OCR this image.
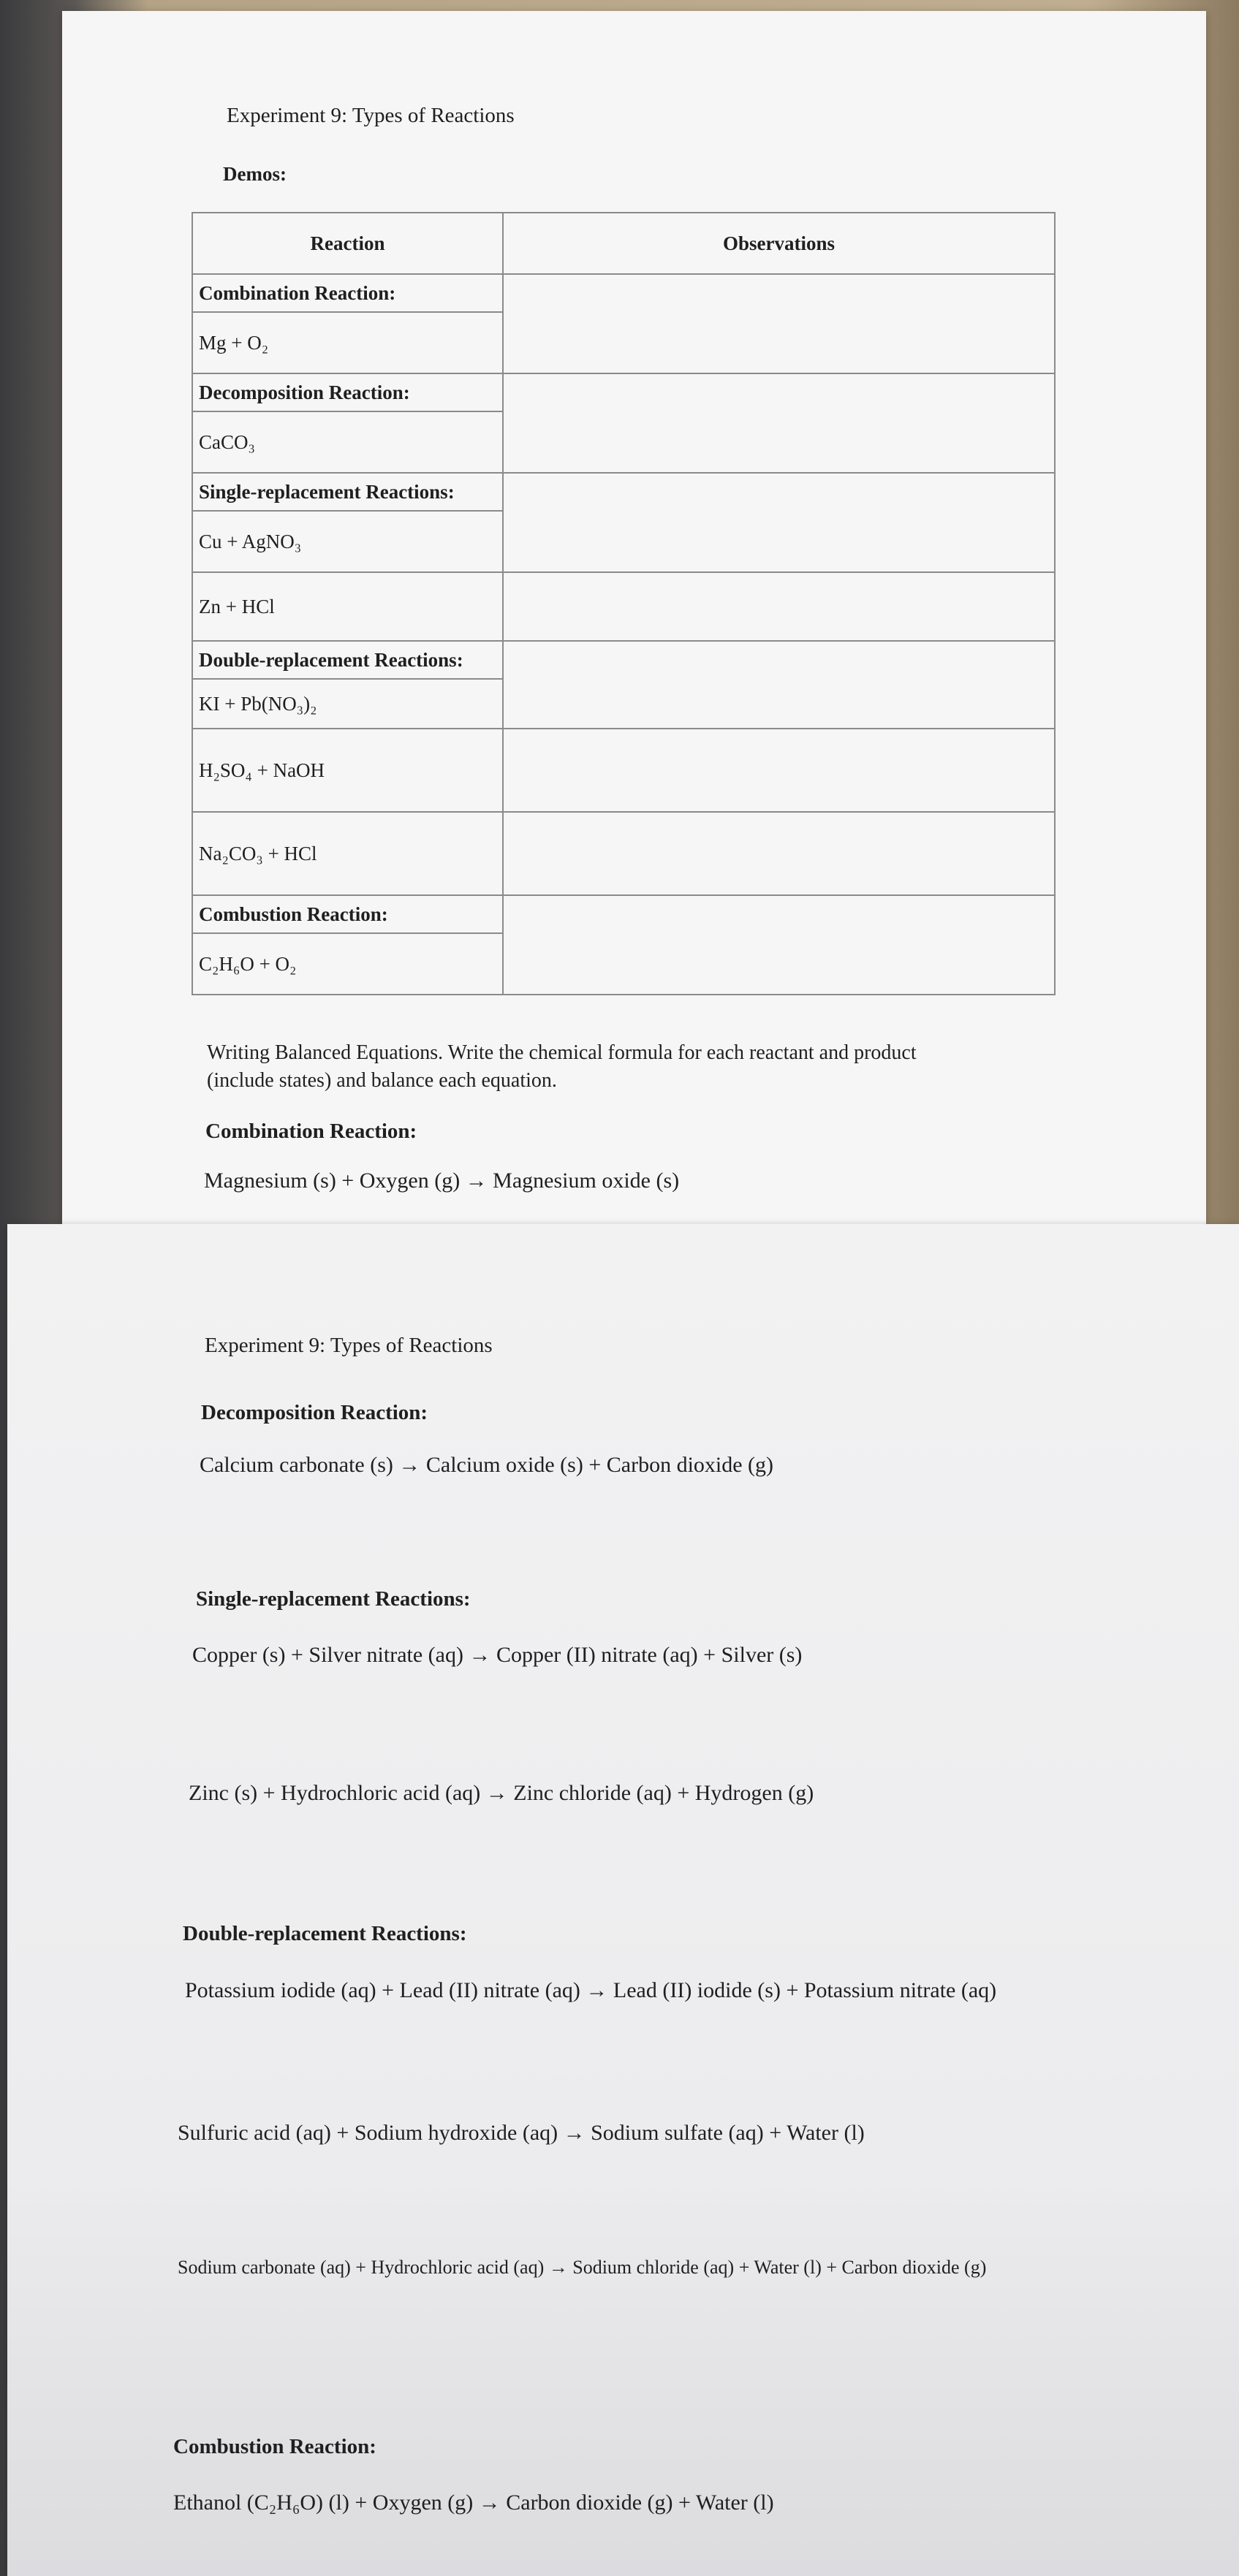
Experiment 9: Types of Reactions
Demos:
Reaction	Observations
Combination Reaction:	
Mg + O₂	
Decomposition Reaction:	
CaCO₃	
Single-replacement Reactions:	
Cu + AgNO₃	
Zn + HCl	
Double-replacement Reactions:	
KI + Pb(NO₃)₂	
H₂SO₄ + NaOH	
Na₂CO₃ + HCl	
Combustion Reaction:	
C₂H₆O + O₂	
Writing Balanced Equations. Write the chemical formula for each reactant and product
(include states) and balance each equation.
Combination Reaction:
Magnesium (s) + Oxygen (g) → Magnesium oxide (s)
Experiment 9: Types of Reactions
Decomposition Reaction:
Calcium carbonate (s) → Calcium oxide (s) + Carbon dioxide (g)
Single-replacement Reactions:
Copper (s) + Silver nitrate (aq) → Copper (II) nitrate (aq) + Silver (s)
Zinc (s) + Hydrochloric acid (aq) → Zinc chloride (aq) + Hydrogen (g)
Double-replacement Reactions:
Potassium iodide (aq) + Lead (II) nitrate (aq) → Lead (II) iodide (s) + Potassium nitrate (aq)
Sulfuric acid (aq) + Sodium hydroxide (aq) → Sodium sulfate (aq) + Water (l)
Sodium carbonate (aq) + Hydrochloric acid (aq) → Sodium chloride (aq) + Water (l) + Carbon dioxide (g)
Combustion Reaction:
Ethanol (C₂H₆O) (l) + Oxygen (g) → Carbon dioxide (g) + Water (l)
